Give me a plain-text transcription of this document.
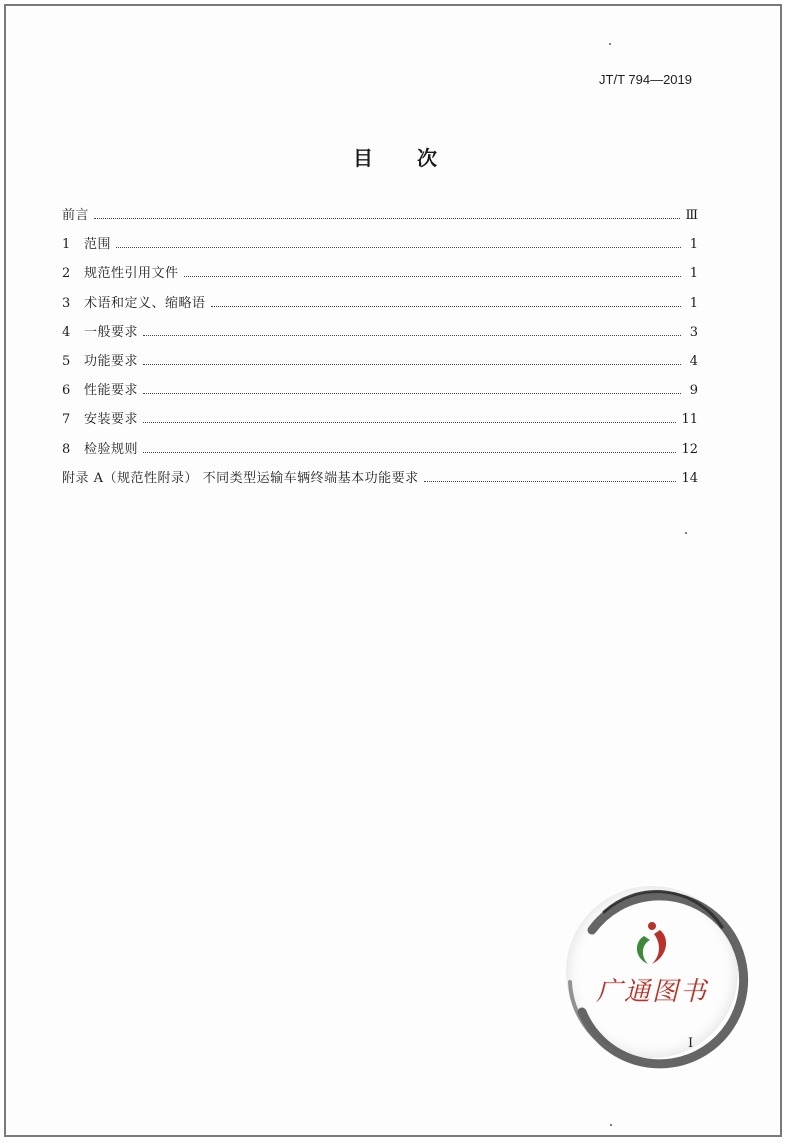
JT/T 794—2019
目次
前言	Ⅲ
1	范围	1
2	规范性引用文件	1
3	术语和定义、缩略语	1
4	一般要求	3
5	功能要求	4
6	性能要求	9
7	安装要求	11
8	检验规则	12
附录 A（规范性附录） 不同类型运输车辆终端基本功能要求	14
广通图书
Ⅰ
